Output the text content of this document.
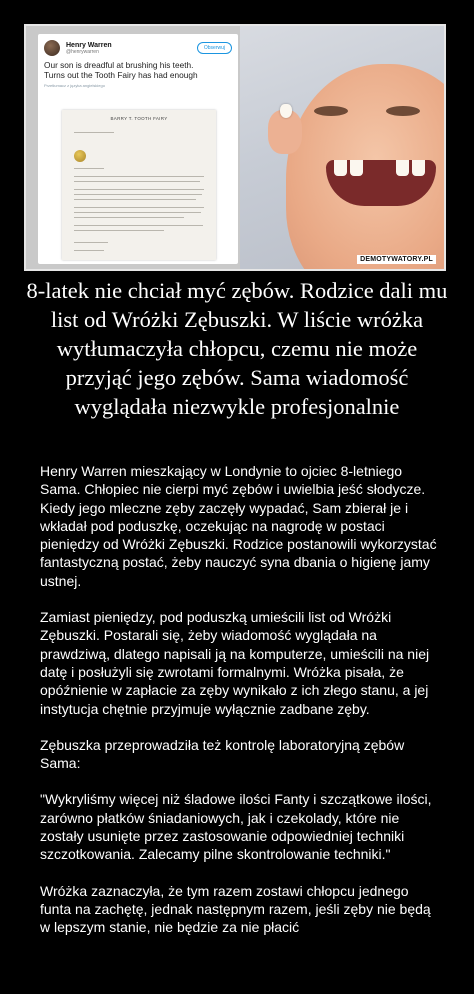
Henry Warren
@henrywarren
Obserwuj
Our son is dreadful at brushing his teeth.
Turns out the Tooth Fairy has had enough
Przetłumacz z języka angielskiego
BARRY T. TOOTH FAIRY
DEMOTYWATORY.PL
8-latek nie chciał myć zębów. Rodzice dali mu list od Wróżki Zębuszki. W liście wróżka wytłumaczyła chłopcu, czemu nie może przyjąć jego zębów. Sama wiadomość wyglądała niezwykle profesjonalnie

Henry Warren mieszkający w Londynie to ojciec 8-letniego Sama. Chłopiec nie cierpi myć zębów i uwielbia jeść słodycze. Kiedy jego mleczne zęby zaczęły wypadać, Sam zbierał je i wkładał pod poduszkę, oczekując na nagrodę w postaci pieniędzy od Wróżki Zębuszki. Rodzice postanowili wykorzystać fantastyczną postać, żeby nauczyć syna dbania o higienę jamy ustnej.

Zamiast pieniędzy, pod poduszką umieścili list od Wróżki Zębuszki. Postarali się, żeby wiadomość wyglądała na prawdziwą, dlatego napisali ją na komputerze, umieścili na niej datę i posłużyli się zwrotami formalnymi. Wróżka pisała, że opóźnienie w zapłacie za zęby wynikało z ich złego stanu, a jej instytucja chętnie przyjmuje wyłącznie zadbane zęby.

Zębuszka przeprowadziła też kontrolę laboratoryjną zębów Sama:

"Wykryliśmy więcej niż śladowe ilości Fanty i szczątkowe ilości, zarówno płatków śniadaniowych, jak i czekolady, które nie zostały usunięte przez zastosowanie odpowiedniej techniki szczotkowania. Zalecamy pilne skontrolowanie techniki."

Wróżka zaznaczyła, że tym razem zostawi chłopcu jednego funta na zachętę, jednak następnym razem, jeśli zęby nie będą w lepszym stanie, nie będzie za nie płacić
